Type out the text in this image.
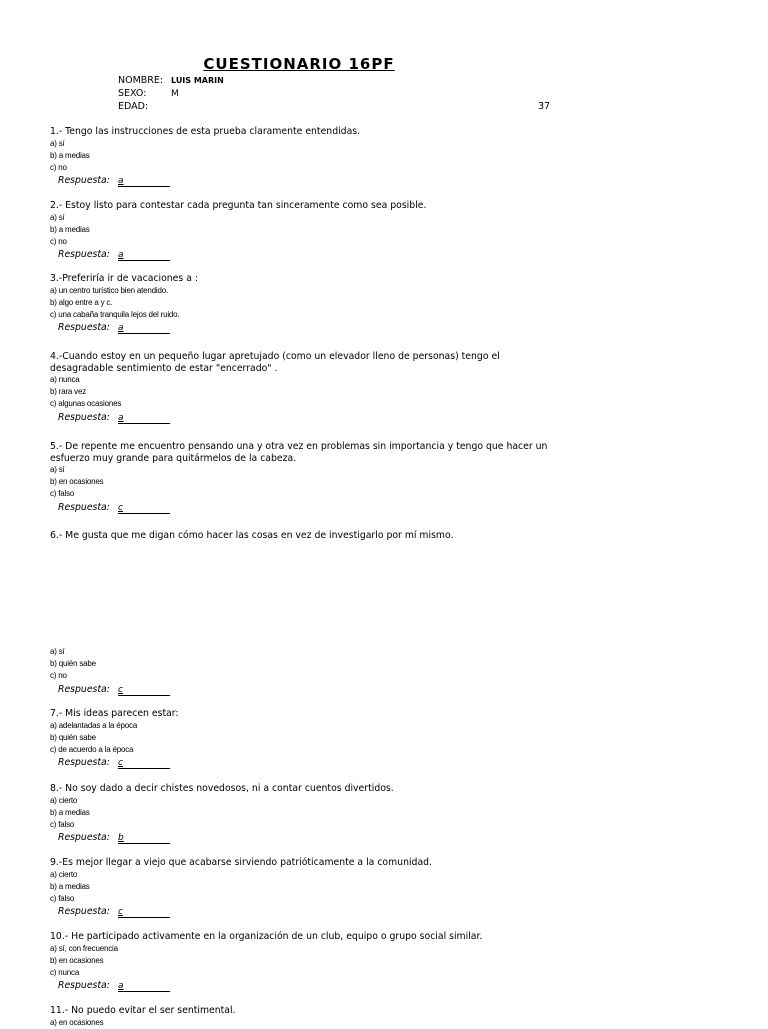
CUESTIONARIO 16PF
NOMBRE: LUIS MARIN
SEXO:	M
EDAD:	37
1.- Tengo las instrucciones de esta prueba claramente entendidas.
a) sí
b) a medias
c) no
Respuesta: a
2.- Estoy listo para contestar cada pregunta tan sinceramente como sea posible.
a) sí
b) a medias
c) no
Respuesta: a
3.-Preferiría ir de vacaciones a :
a) un centro turístico bien atendido.
b) algo entre a y c.
c) una cabaña tranquila lejos del ruido.
Respuesta: a
4.-Cuando estoy en un pequeño lugar apretujado (como un elevador lleno de personas) tengo el desagradable sentimiento de estar "encerrado" .
a) nunca
b) rara vez
c) algunas ocasiones
Respuesta: a
5.- De repente me encuentro pensando una y otra vez en problemas sin importancia y tengo que hacer un esfuerzo muy grande para quitármelos de la cabeza.
a) sí
b) en ocasiones
c) falso
Respuesta: c
6.- Me gusta que me digan cómo hacer las cosas en vez de investigarlo por mí mismo.
a) sí
b) quién sabe
c) no
Respuesta: c
7.- Mis ideas parecen estar:
a) adelantadas a la época
b) quién sabe
c) de acuerdo a la época
Respuesta: c
8.- No soy dado a decir chistes novedosos, ni a contar cuentos divertidos.
a) cierto
b) a medias
c) falso
Respuesta: b
9.-Es mejor llegar a viejo que acabarse sirviendo patrióticamente a la comunidad.
a) cierto
b) a medias
c) falso
Respuesta: c
10.- He participado activamente en la organización de un club, equipo o grupo social similar.
a) sí, con frecuencia
b) en ocasiones
c) nunca
Respuesta: a
11.- No puedo evitar el ser sentimental.
a) en ocasiones
